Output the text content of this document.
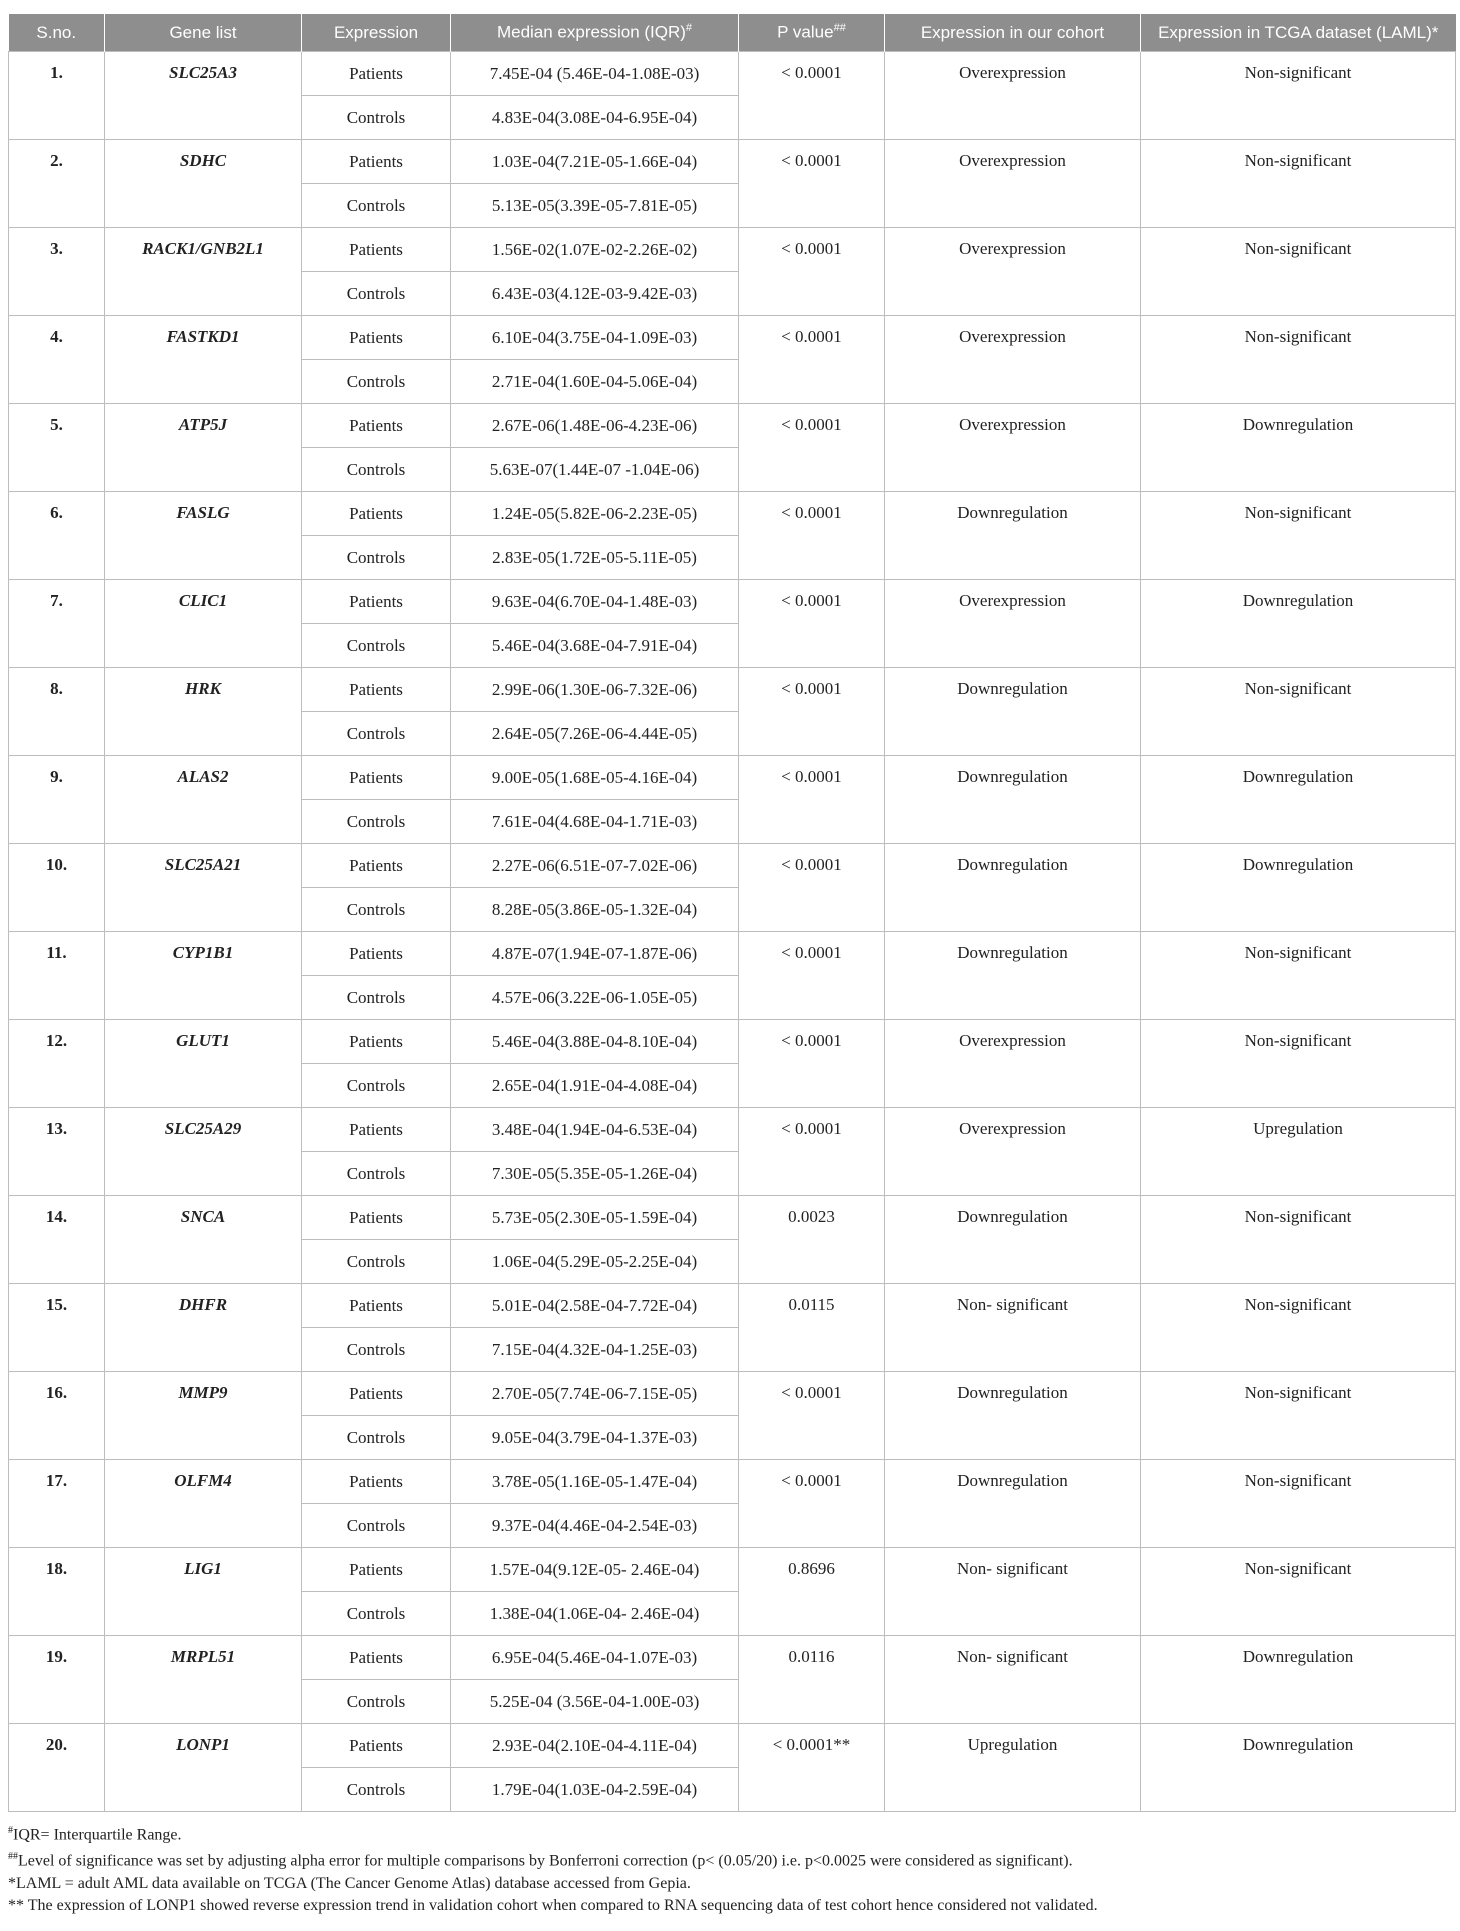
S.no.	Gene list	Expression	Median expression (IQR)#	P value##	Expression in our cohort	Expression in TCGA dataset (LAML)*
1.	SLC25A3	Patients	7.45E-04 (5.46E-04-1.08E-03)	< 0.0001	Overexpression	Non-significant
		Controls	4.83E-04(3.08E-04-6.95E-04)			
2.	SDHC	Patients	1.03E-04(7.21E-05-1.66E-04)	< 0.0001	Overexpression	Non-significant
		Controls	5.13E-05(3.39E-05-7.81E-05)			
3.	RACK1/GNB2L1	Patients	1.56E-02(1.07E-02-2.26E-02)	< 0.0001	Overexpression	Non-significant
		Controls	6.43E-03(4.12E-03-9.42E-03)			
4.	FASTKD1	Patients	6.10E-04(3.75E-04-1.09E-03)	< 0.0001	Overexpression	Non-significant
		Controls	2.71E-04(1.60E-04-5.06E-04)			
5.	ATP5J	Patients	2.67E-06(1.48E-06-4.23E-06)	< 0.0001	Overexpression	Downregulation
		Controls	5.63E-07(1.44E-07 -1.04E-06)			
6.	FASLG	Patients	1.24E-05(5.82E-06-2.23E-05)	< 0.0001	Downregulation	Non-significant
		Controls	2.83E-05(1.72E-05-5.11E-05)			
7.	CLIC1	Patients	9.63E-04(6.70E-04-1.48E-03)	< 0.0001	Overexpression	Downregulation
		Controls	5.46E-04(3.68E-04-7.91E-04)			
8.	HRK	Patients	2.99E-06(1.30E-06-7.32E-06)	< 0.0001	Downregulation	Non-significant
		Controls	2.64E-05(7.26E-06-4.44E-05)			
9.	ALAS2	Patients	9.00E-05(1.68E-05-4.16E-04)	< 0.0001	Downregulation	Downregulation
		Controls	7.61E-04(4.68E-04-1.71E-03)			
10.	SLC25A21	Patients	2.27E-06(6.51E-07-7.02E-06)	< 0.0001	Downregulation	Downregulation
		Controls	8.28E-05(3.86E-05-1.32E-04)			
11.	CYP1B1	Patients	4.87E-07(1.94E-07-1.87E-06)	< 0.0001	Downregulation	Non-significant
		Controls	4.57E-06(3.22E-06-1.05E-05)			
12.	GLUT1	Patients	5.46E-04(3.88E-04-8.10E-04)	< 0.0001	Overexpression	Non-significant
		Controls	2.65E-04(1.91E-04-4.08E-04)			
13.	SLC25A29	Patients	3.48E-04(1.94E-04-6.53E-04)	< 0.0001	Overexpression	Upregulation
		Controls	7.30E-05(5.35E-05-1.26E-04)			
14.	SNCA	Patients	5.73E-05(2.30E-05-1.59E-04)	0.0023	Downregulation	Non-significant
		Controls	1.06E-04(5.29E-05-2.25E-04)			
15.	DHFR	Patients	5.01E-04(2.58E-04-7.72E-04)	0.0115	Non- significant	Non-significant
		Controls	7.15E-04(4.32E-04-1.25E-03)			
16.	MMP9	Patients	2.70E-05(7.74E-06-7.15E-05)	< 0.0001	Downregulation	Non-significant
		Controls	9.05E-04(3.79E-04-1.37E-03)			
17.	OLFM4	Patients	3.78E-05(1.16E-05-1.47E-04)	< 0.0001	Downregulation	Non-significant
		Controls	9.37E-04(4.46E-04-2.54E-03)			
18.	LIG1	Patients	1.57E-04(9.12E-05- 2.46E-04)	0.8696	Non- significant	Non-significant
		Controls	1.38E-04(1.06E-04- 2.46E-04)			
19.	MRPL51	Patients	6.95E-04(5.46E-04-1.07E-03)	0.0116	Non- significant	Downregulation
		Controls	5.25E-04 (3.56E-04-1.00E-03)			
20.	LONP1	Patients	2.93E-04(2.10E-04-4.11E-04)	< 0.0001**	Upregulation	Downregulation
		Controls	1.79E-04(1.03E-04-2.59E-04)			
#IQR= Interquartile Range.
##Level of significance was set by adjusting alpha error for multiple comparisons by Bonferroni correction (p< (0.05/20) i.e. p<0.0025 were considered as significant).
*LAML = adult AML data available on TCGA (The Cancer Genome Atlas) database accessed from Gepia.
** The expression of LONP1 showed reverse expression trend in validation cohort when compared to RNA sequencing data of test cohort hence considered not validated.
